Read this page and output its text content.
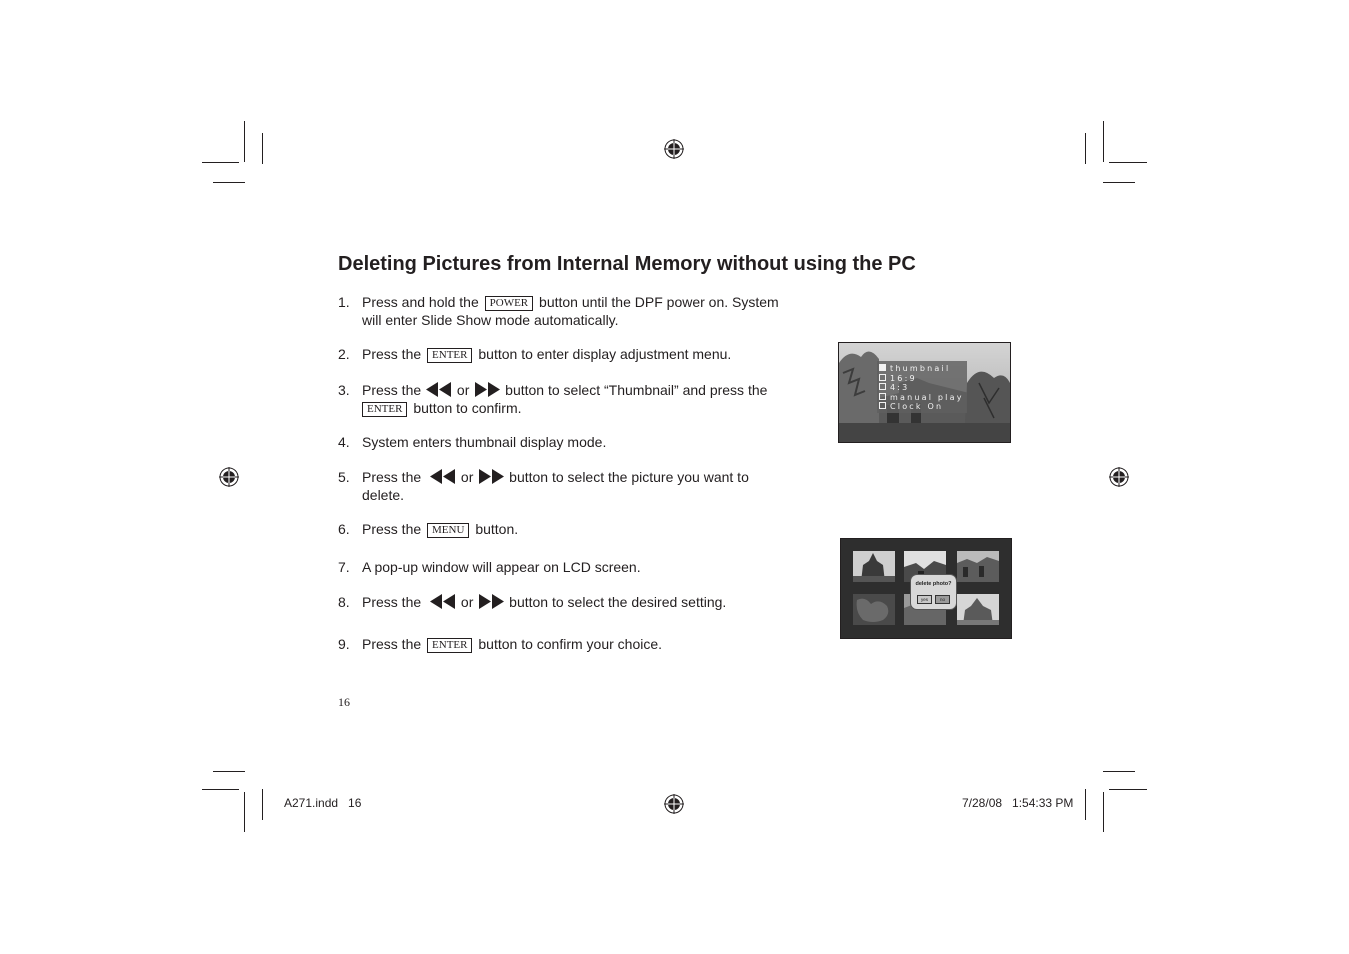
Deleting Pictures from Internal Memory without using the PC
1. Press and hold the POWER button until the DPF power on. System
will enter Slide Show mode automatically.
2. Press the ENTER button to enter display adjustment menu.
3. Press the	or	button to select “Thumbnail” and press the
ENTER button to confirm.
4. System enters thumbnail display mode.
5. Press the	or	button to select the picture you want to
delete.
6. Press the MENU button.
7. A pop-up window will appear on LCD screen.
8. Press the	or	button to select the desired setting.
9. Press the ENTER button to confirm your choice.
thumbnail
16:9
4:3
manual play
Clock On
delete photo?
yes	no
16
A271.indd   16	7/28/08   1:54:33 PM
